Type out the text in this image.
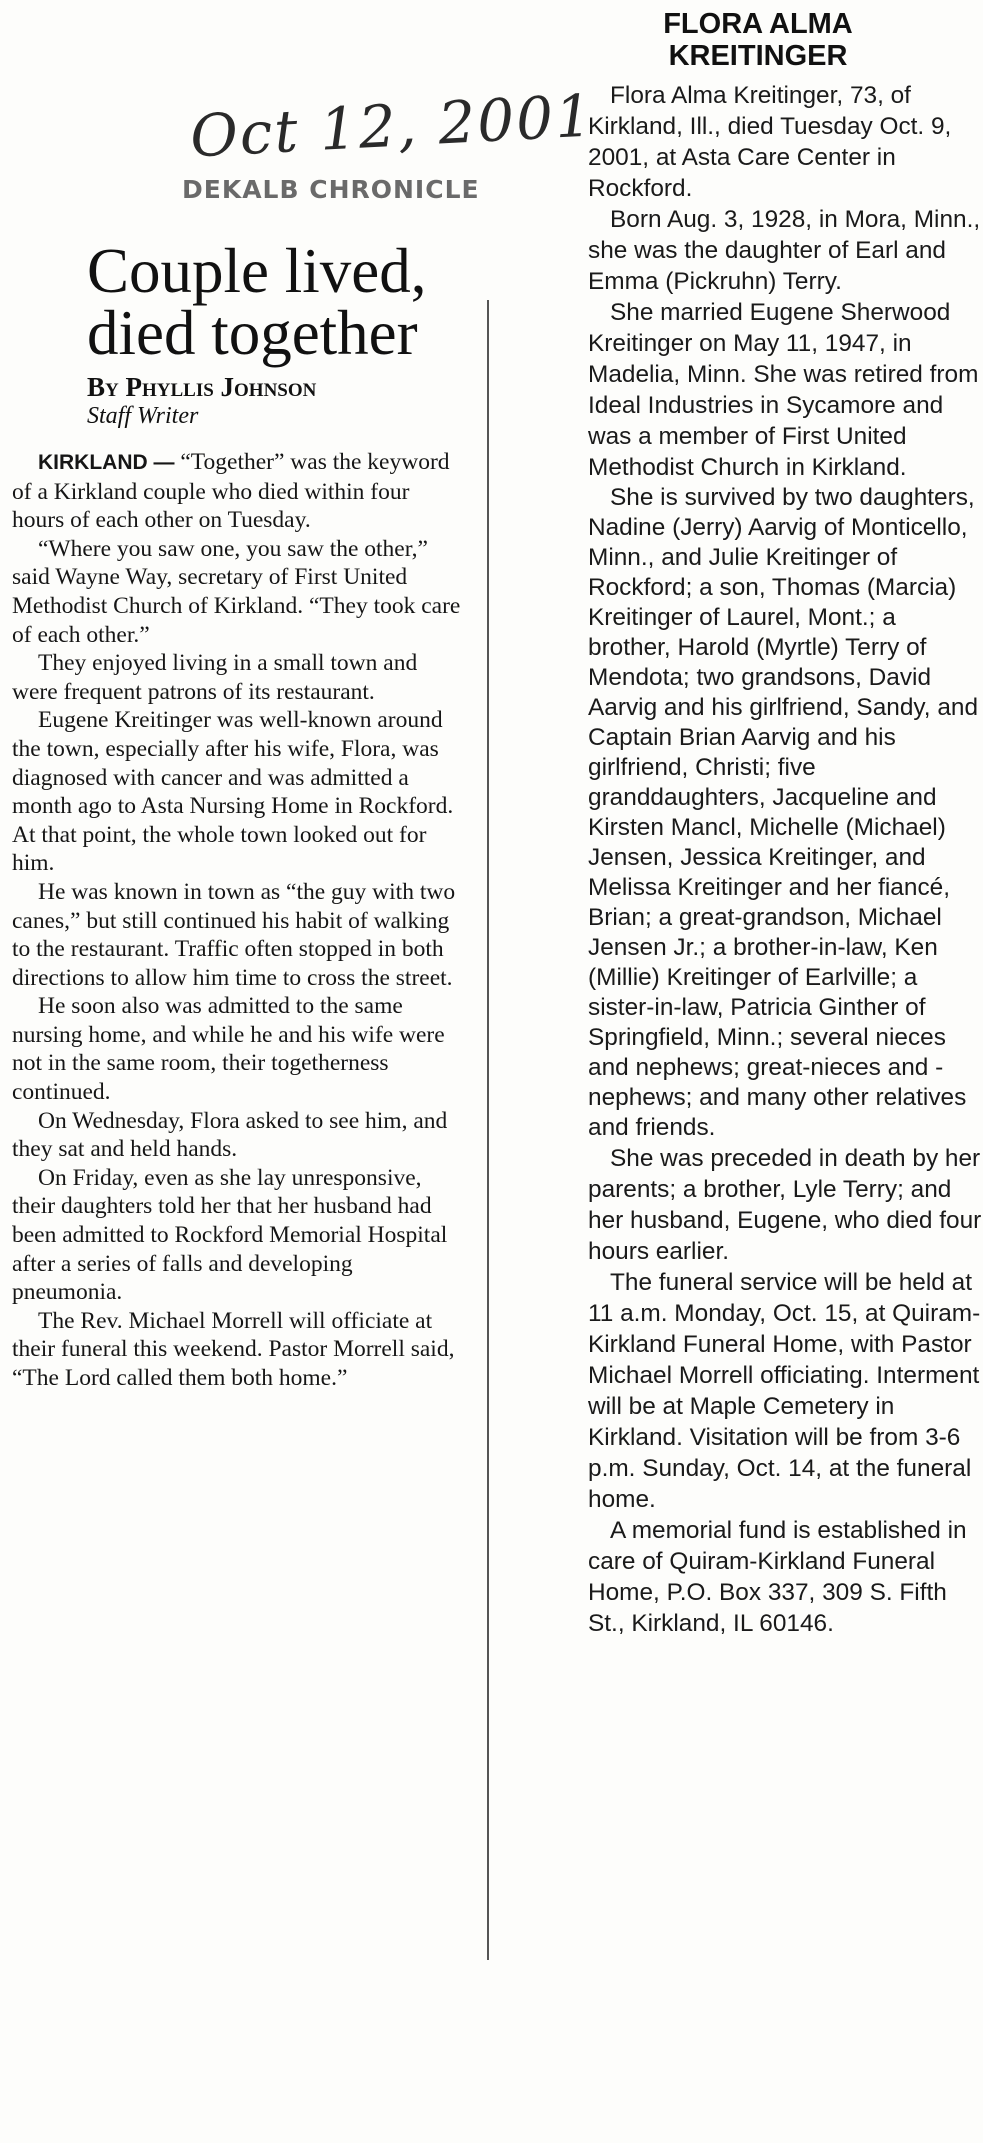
Oct 12, 2001
DEKALB CHRONICLE
Couple lived, died together
By Phyllis Johnson
Staff Writer

KIRKLAND — “Together” was the keyword of a Kirkland couple who died within four hours of each other on Tuesday.

“Where you saw one, you saw the other,” said Wayne Way, secretary of First United Methodist Church of Kirkland. “They took care of each other.”

They enjoyed living in a small town and were frequent patrons of its restaurant.

Eugene Kreitinger was well-known around the town, especially after his wife, Flora, was diagnosed with cancer and was admitted a month ago to Asta Nursing Home in Rockford. At that point, the whole town looked out for him.

He was known in town as “the guy with two canes,” but still continued his habit of walking to the restaurant. Traffic often stopped in both directions to allow him time to cross the street.

He soon also was admitted to the same nursing home, and while he and his wife were not in the same room, their togetherness continued.

On Wednesday, Flora asked to see him, and they sat and held hands.

On Friday, even as she lay unresponsive, their daughters told her that her husband had been admitted to Rockford Memorial Hospital after a series of falls and developing pneumonia.

The Rev. Michael Morrell will officiate at their funeral this weekend. Pastor Morrell said, “The Lord called them both home.”

FLORA ALMA
KREITINGER

Flora Alma Kreitinger, 73, of Kirkland, Ill., died Tuesday Oct. 9, 2001, at Asta Care Center in Rockford.

Born Aug. 3, 1928, in Mora, Minn., she was the daughter of Earl and Emma (Pickruhn) Terry.

She married Eugene Sherwood Kreitinger on May 11, 1947, in Madelia, Minn. She was retired from Ideal Industries in Sycamore and was a member of First United Methodist Church in Kirkland.

She is survived by two daughters, Nadine (Jerry) Aarvig of Monticello, Minn., and Julie Kreitinger of Rockford; a son, Thomas (Marcia) Kreitinger of Laurel, Mont.; a brother, Harold (Myrtle) Terry of Mendota; two grandsons, David Aarvig and his girlfriend, Sandy, and Captain Brian Aarvig and his girlfriend, Christi; five granddaughters, Jacqueline and Kirsten Mancl, Michelle (Michael) Jensen, Jessica Kreitinger, and Melissa Kreitinger and her fiancé, Brian; a great-grandson, Michael Jensen Jr.; a brother-in-law, Ken (Millie) Kreitinger of Earlville; a sister-in-law, Patricia Ginther of Springfield, Minn.; several nieces and nephews; great-nieces and -nephews; and many other relatives and friends.

She was preceded in death by her parents; a brother, Lyle Terry; and her husband, Eugene, who died four hours earlier.

The funeral service will be held at 11 a.m. Monday, Oct. 15, at Quiram-Kirkland Funeral Home, with Pastor Michael Morrell officiating. Interment will be at Maple Cemetery in Kirkland. Visitation will be from 3-6 p.m. Sunday, Oct. 14, at the funeral home.

A memorial fund is established in care of Quiram-Kirkland Funeral Home, P.O. Box 337, 309 S. Fifth St., Kirkland, IL 60146.
